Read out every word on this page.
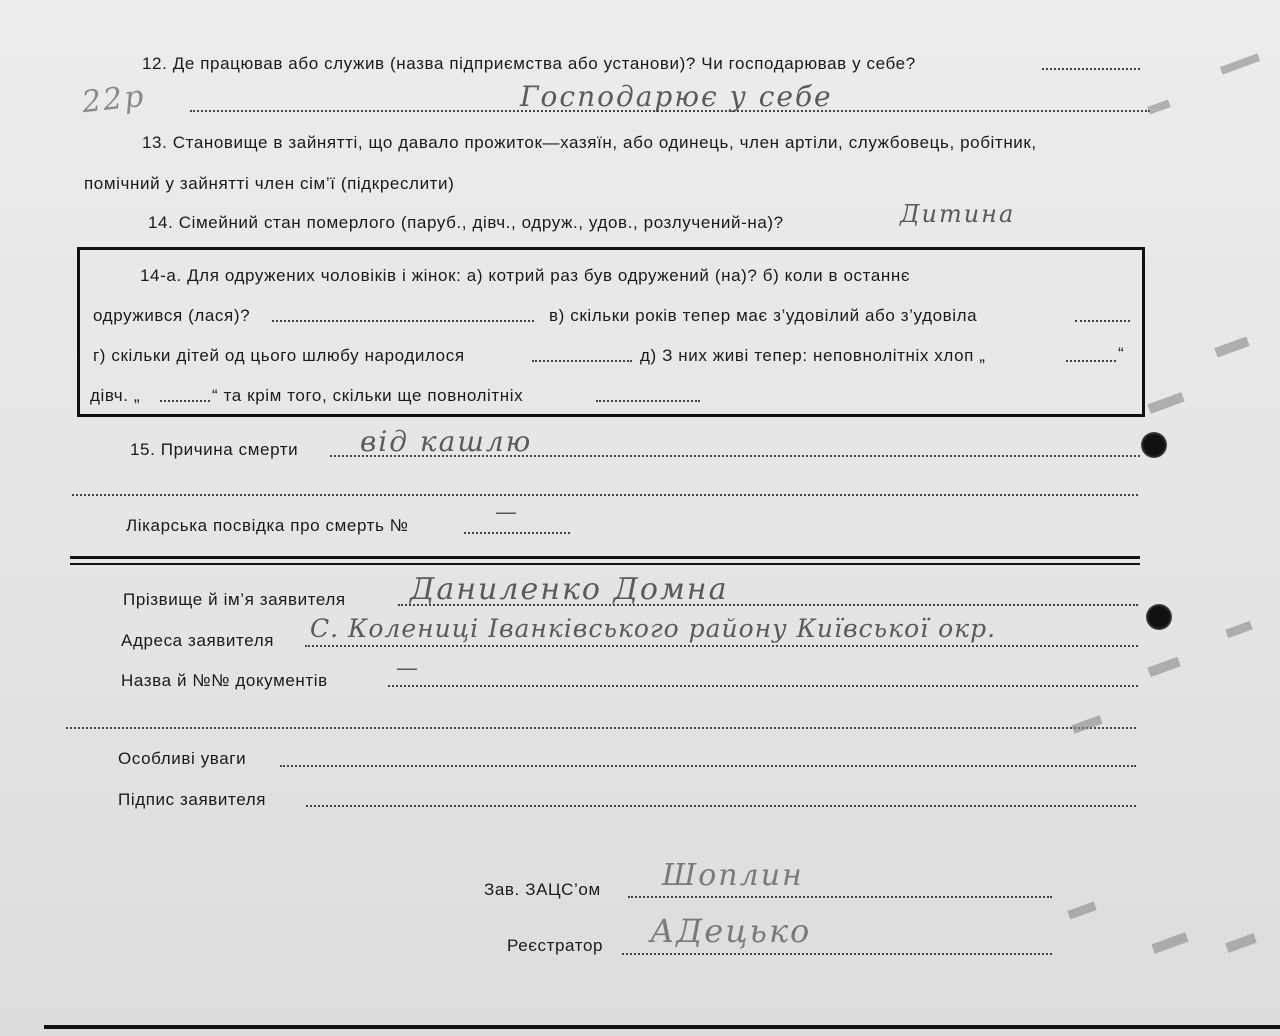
12. Де працював або служив (назва підприємства або установи)? Чи господарював у себе?
22р	Господарює у себе
13. Становище в зайнятті, що давало прожиток—хазяїн, або одинець, член артіли, службовець, робітник,
помічний у зайнятті член сім’ї (підкреслити)
14. Сімейний стан померлого (паруб., дівч., одруж., удов., розлучений-на)?	Дитина
14-а. Для одружених чоловіків і жінок: а) котрий раз був одружений (на)? б) коли в останнє
одружився (лася)?	в) скільки років тепер має з’удовілий або з’удовіла
г) скільки дітей од цього шлюбу народилося	д) З них живі тепер: неповнолітніх хлоп „	“
дівч. „	“ та крім того, скільки ще повнолітніх
15. Причина смерти від кашлю
Лікарська посвідка про смерть №
—
Прізвище й ім’я заявителя Даниленко Домна
Адреса заявителя С. Колениці Іванківського району Київської окр.
Назва й №№ документів	—
Особливі уваги
Підпис заявителя
Зав. ЗАЦС’ом Шоплин
Реєстратор АДецько
